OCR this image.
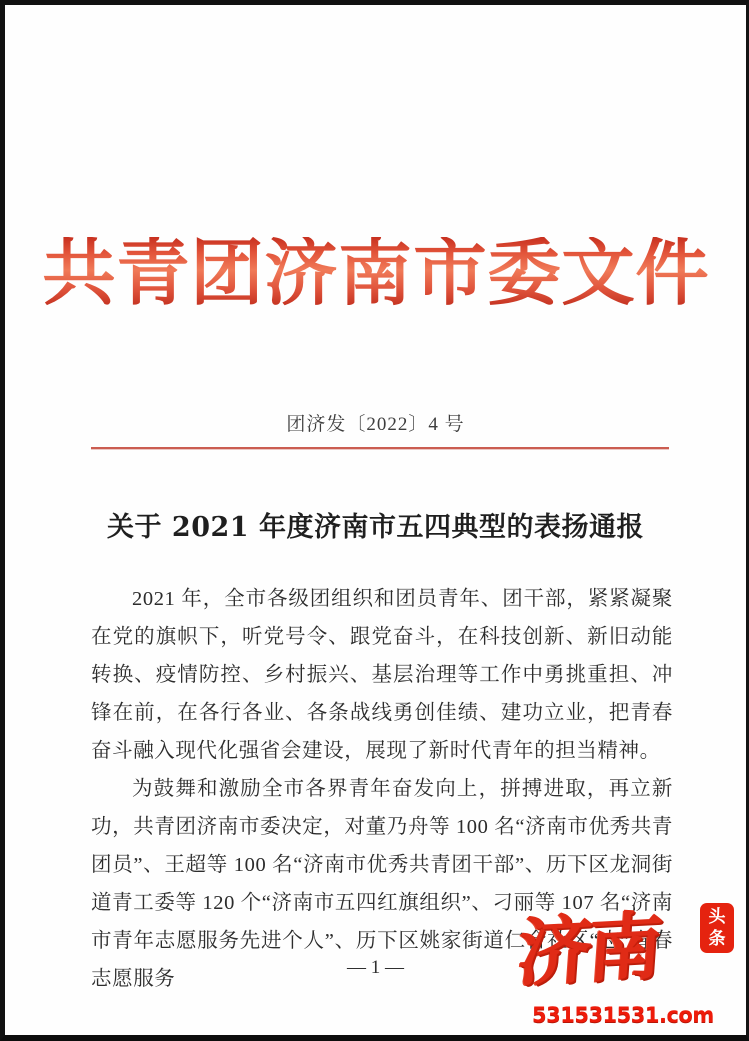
共青团济南市委文件
团济发〔2022〕4 号
关于 2021 年度济南市五四典型的表扬通报

2021 年，全市各级团组织和团员青年、团干部，紧紧凝聚在党的旗帜下，听党号令、跟党奋斗，在科技创新、新旧动能转换、疫情防控、乡村振兴、基层治理等工作中勇挑重担、冲锋在前，在各行各业、各条战线勇创佳绩、建功立业，把青春奋斗融入现代化强省会建设，展现了新时代青年的担当精神。

为鼓舞和激励全市各界青年奋发向上，拼搏进取，再立新功，共青团济南市委决定，对董乃舟等 100 名“济南市优秀共青团员”、王超等 100 名“济南市优秀共青团干部”、历下区龙洞街道青工委等 120 个“济南市五四红旗组织”、刁丽等 107 名“济南市青年志愿服务先进个人”、历下区姚家街道仁合社区“志”青春志愿服务

— 1 —	济南	头
条
531531531.com
